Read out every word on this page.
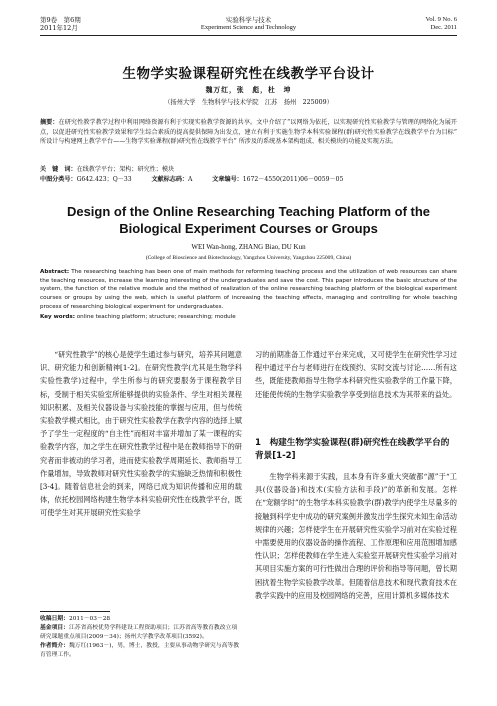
第9卷　第6期
2011年12月
实验科学与技术
Experiment Science and Technology
Vol. 9 No. 6
Dec. 2011
生物学实验课程研究性在线教学平台设计
魏万红，张　彪，杜　坤
（扬州大学　生物科学与技术学院　江苏　扬州　225009）
摘要：在研究性教学教学过程中利用网络资源有利于实现实验教学资源的共享。文中介绍了“以网络为依托，以实现研究性实验教学与管理的网络化为展开点，以促进研究性实验教学效果和学生综合素质的提高提供保障为出发点，建立有利于实施生物学本科实验课程(群)研究性实验教学在线教学平台为目标” 所设计与构建网上教学平台——生物学实验课程(群)研究性在线教学平台” 所涉及的系统基本架构组成、相关模块的功能及实现方法。
关　键　词：在线教学平台；架构；研究性；模块
中图分类号：G642.423；Q－33	文献标志码：A	文章编号：1672－4550(2011)06－0059－05
Design of the Online Researching Teaching Platform of the Biological Experiment Courses or Groups
WEI Wan-hong, ZHANG Biao, DU Kun
(College of Bioscience and Biotechnology, Yangzhou University, Yangzhou 225009, China)
Abstract: The researching teaching has been one of main methods for reforming teaching process and the utilization of web resources can share the teaching resources, increase the learning interesting of the undergraduates and save the cost. This paper introduces the basic structure of the system, the function of the relative module and the method of realization of the online researching teaching platform of the biological experiment courses or groups by using the web, which is useful platform of increasing the teaching effects, managing and controlling for whole teaching process of researching biological experiment for undergraduates.
Key words: online teaching platform; structure; researching; module
“研究性教学”的核心是使学生通过参与研究，培养其问题意识、研究能力和创新精神[1-2]。在研究性教学(尤其是生物学科实验性教学)过程中，学生所参与的研究要服务于课程教学目标，受制于相关实验室所能够提供的实验条件、学生对相关课程知识积累、及相关仪器设备与实验技能的掌握与应用，但与传统实验教学模式相比，由于研究性实验教学在教学内容的选择上赋予了学生一定程度的“自主性”而相对丰富并增加了某一课程的实验教学内容，加之学生在研究性教学过程中是在教师指导下的研究者而非被动的学习者，进而使实验教学周期延长、教师指导工作量增加，导致教师对研究性实验教学的实施缺乏热情和积极性[3-4]。随着信息社会的到来，网络已成为知识传播和应用的载体，依托校园网络构建生物学本科实验研究性在线教学平台，既可使学生对其开展研究性实验学
收稿日期：2011－03－28
基金项目：江苏省高校优势学科建设工程资助项目；江苏省高等教育教改立项研究课题重点项目(2009－34)；扬州大学教学改革项目(3592)。
作者简介：魏万红(1963－)，男，博士，教授，主要从事动物学研究与高等教育管理工作。
习的前期准备工作通过平台来完成，又可使学生在研究性学习过程中通过平台与老师进行在线预约、实时交流与讨论……所有这些，既能使教师指导生物学本科研究性实验教学的工作量下降，还能使传统的生物学实验教学享受到信息技术为其带来的益处。
1　构建生物学实验课程(群)研究性在线教学平台的背景[1-2]
生物学科来源于实践，且本身有许多重大突破都“源”于“工具(仪器设备)和技术(实验方法和手段)”的革新和发展。怎样在“宠额学时”的生物学本科实验教学(群)教学内使学生尽量多的接触到科学史中成功的研究案例并激发出学生探究未知生命活动规律的兴趣；怎样使学生在开展研究性实验学习前对在实验过程中需要使用的仪器设备的操作流程、工作原理和应用范围增加感性认识；怎样使教师在学生进入实验室开展研究性实验学习前对其项目实施方案的可行性做出合理的评价和指导等问题，曾长期困扰着生物学实验教学改革。但随着信息技术和现代教育技术在教学实践中的应用及校园网络的完善，应用计算机多媒体技术
